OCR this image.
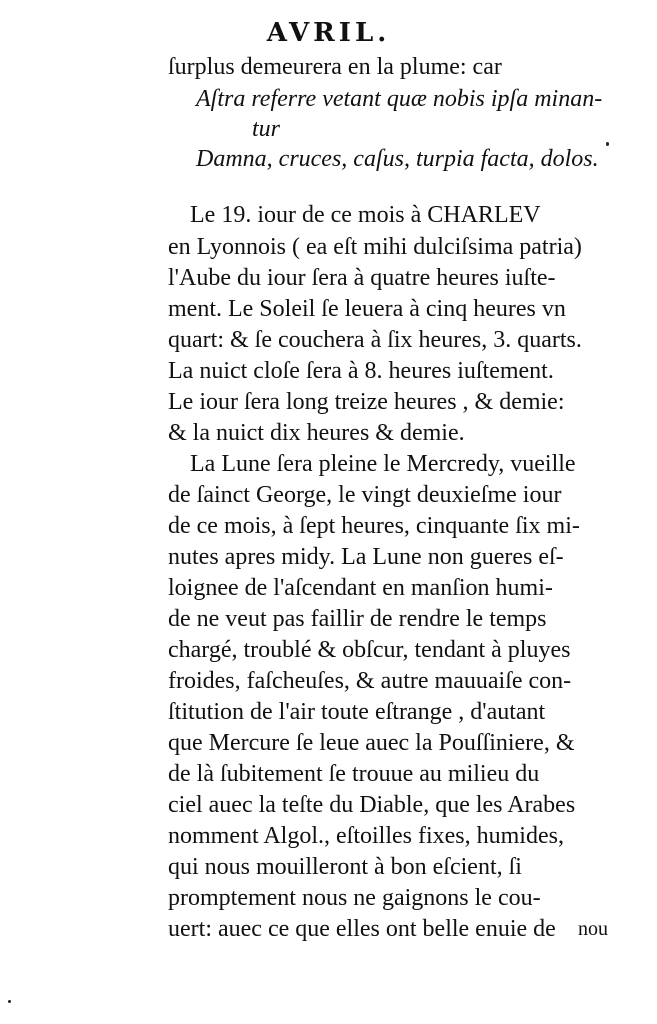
AVRIL.
ſurplus demeurera en la plume: car
Aſtra referre vetant quæ nobis ipſa minan-
tur
Damna, cruces, caſus, turpia facta, dolos.
Le 19. iour de ce mois à CHARLEV
en Lyonnois ( ea eſt mihi dulciſsima patria)
l'Aube du iour ſera à quatre heures iuſte-
ment. Le Soleil ſe leuera à cinq heures vn
quart: & ſe couchera à ſix heures, 3. quarts.
La nuict cloſe ſera à 8. heures iuſtement.
Le iour ſera long treize heures , & demie:
& la nuict dix heures & demie.
La Lune ſera pleine le Mercredy, vueille
de ſainct George, le vingt deuxieſme iour
de ce mois, à ſept heures, cinquante ſix mi-
nutes apres midy. La Lune non gueres eſ-
loignee de l'aſcendant en manſion humi-
de ne veut pas faillir de rendre le temps
chargé, troublé & obſcur, tendant à pluyes
froides, faſcheuſes, & autre mauuaiſe con-
ſtitution de l'air toute eſtrange , d'autant
que Mercure ſe leue auec la Pouſſiniere, &
de là ſubitement ſe trouue au milieu du
ciel auec la teſte du Diable, que les Arabes
nomment Algol., eſtoilles fixes, humides,
qui nous mouilleront à bon eſcient, ſi
promptement nous ne gaignons le cou-
uert: auec ce que elles ont belle enuie de	nou
